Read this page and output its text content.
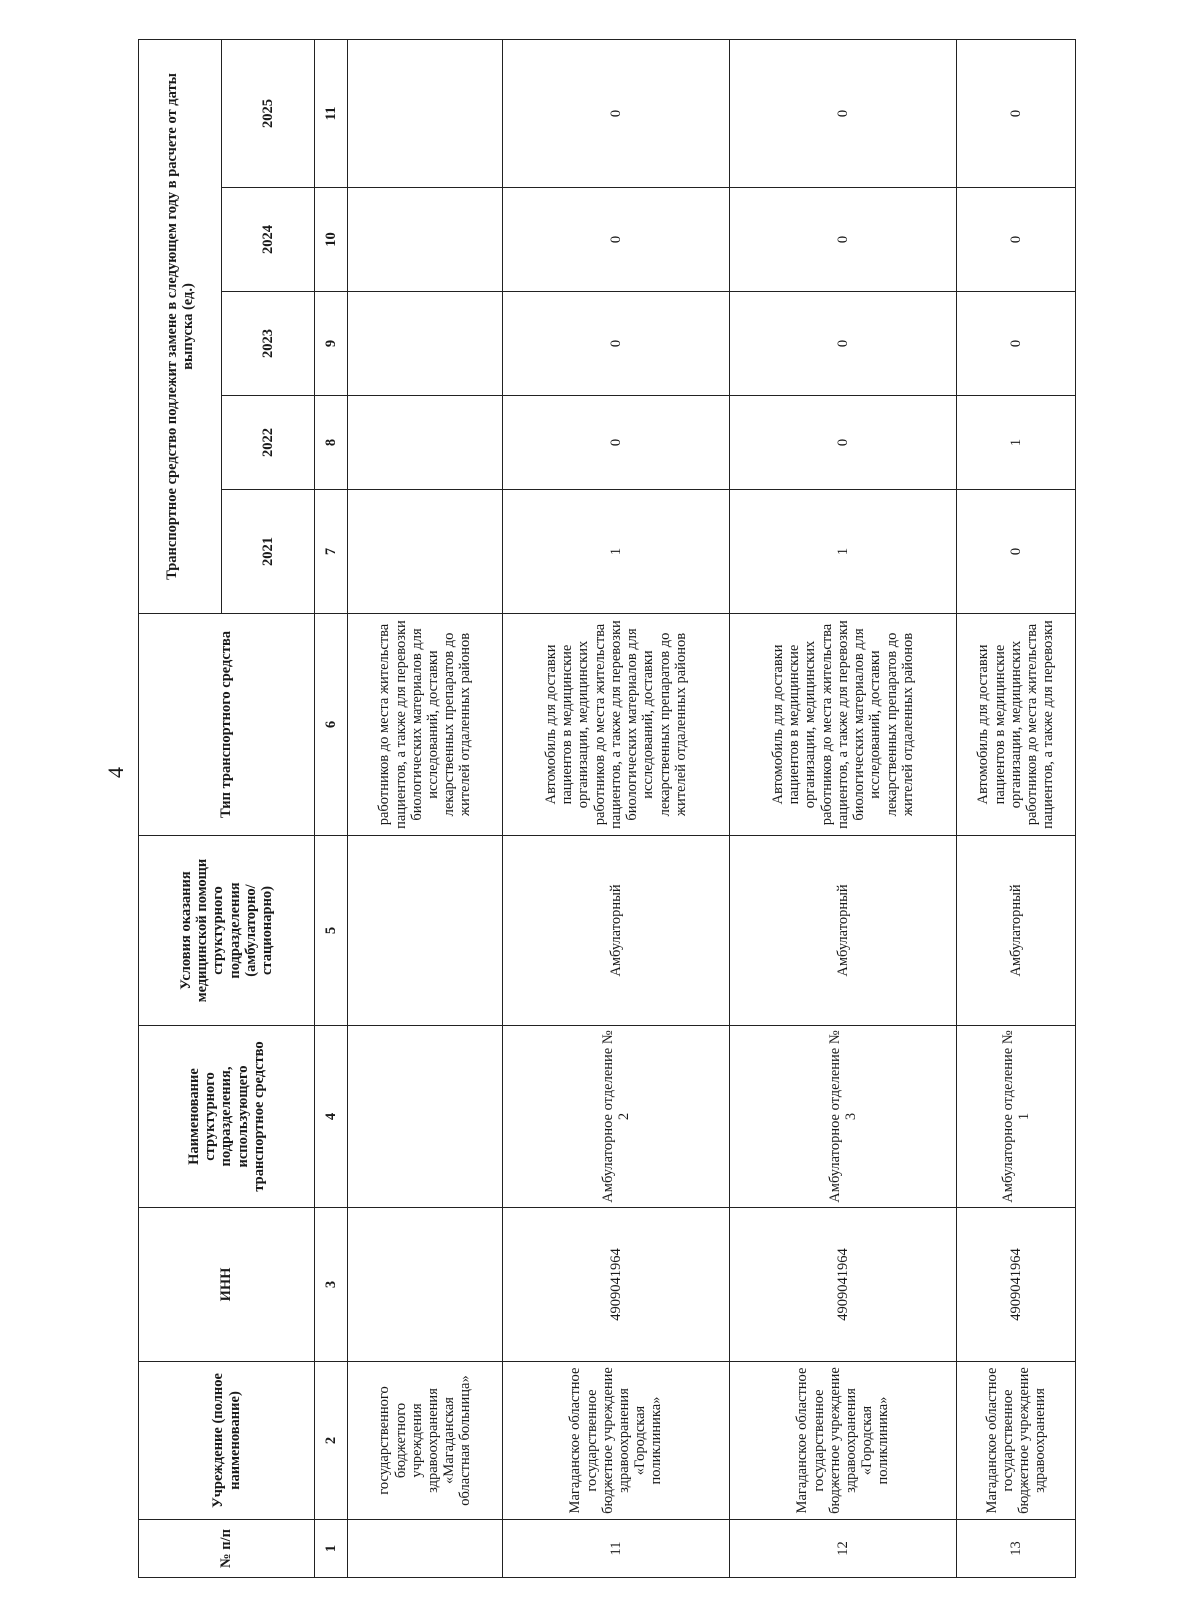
4
№ п/п	Учреждение (полное наименование)	ИНН	Наименование структурного подразделения, использующего транспортное средство	Условия оказания медицинской помощи структурного подразделения (амбулаторно/ стационарно)	Тип транспортного средства	Транспортное средство подлежит замене в следующем году в расчете от даты выпуска (ед.)				
						2021	2022	2023	2024	2025
1	2	3	4	5	6	7	8	9	10	11
	государственного бюджетного учреждения здравоохранения «Магаданская областная больница»				работников до места жительства пациентов, а также для перевозки биологических материалов для исследований, доставки лекарственных препаратов до жителей отдаленных районов					
11	Магаданское областное государственное бюджетное учреждение здравоохранения «Городская поликлиника»	4909041964	Амбулаторное отделение № 2	Амбулаторный	Автомобиль для доставки пациентов в медицинские организации, медицинских работников до места жительства пациентов, а также для перевозки биологических материалов для исследований, доставки лекарственных препаратов до жителей отдаленных районов	1	0	0	0	0
12	Магаданское областное государственное бюджетное учреждение здравоохранения «Городская поликлиника»	4909041964	Амбулаторное отделение № 3	Амбулаторный	Автомобиль для доставки пациентов в медицинские организации, медицинских работников до места жительства пациентов, а также для перевозки биологических материалов для исследований, доставки лекарственных препаратов до жителей отдаленных районов	1	0	0	0	0
13	Магаданское областное государственное бюджетное учреждение здравоохранения	4909041964	Амбулаторное отделение № 1	Амбулаторный	Автомобиль для доставки пациентов в медицинские организации, медицинских работников до места жительства пациентов, а также для перевозки	0	1	0	0	0
